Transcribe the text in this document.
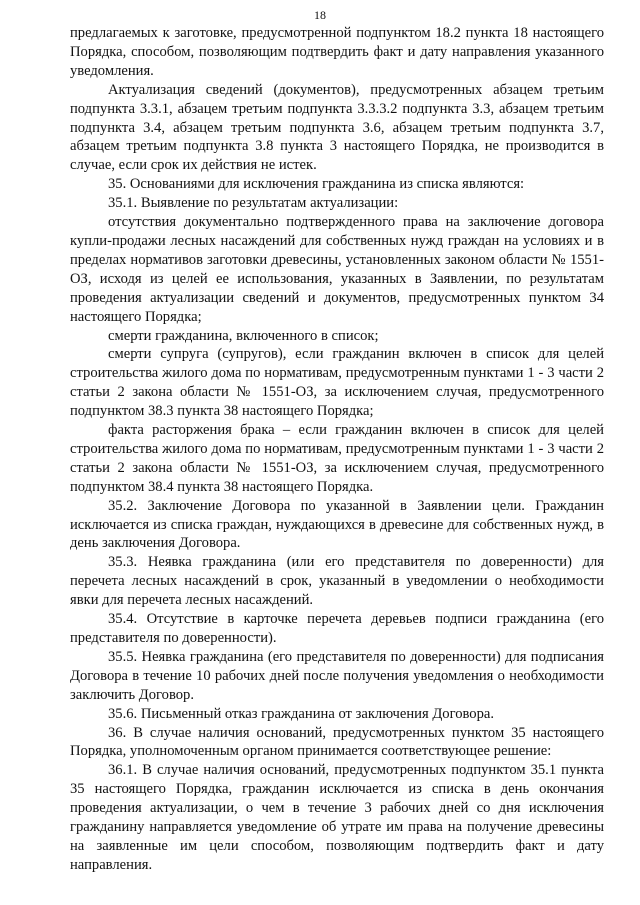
18

предлагаемых к заготовке, предусмотренной подпунктом 18.2 пункта 18 настоящего Порядка, способом, позволяющим подтвердить факт и дату направления указанного уведомления.

Актуализация сведений (документов), предусмотренных абзацем третьим подпункта 3.3.1, абзацем третьим подпункта 3.3.3.2 подпункта 3.3, абзацем третьим подпункта 3.4, абзацем третьим подпункта 3.6, абзацем третьим подпункта 3.7, абзацем третьим подпункта 3.8 пункта 3 настоящего Порядка, не производится в случае, если срок их действия не истек.

35. Основаниями для исключения гражданина из списка являются:

35.1. Выявление по результатам актуализации:

отсутствия документально подтвержденного права на заключение договора купли-продажи лесных насаждений для собственных нужд граждан на условиях и в пределах нормативов заготовки древесины, установленных законом области № 1551-ОЗ, исходя из целей ее использования, указанных в Заявлении, по результатам проведения актуализации сведений и документов, предусмотренных пунктом 34 настоящего Порядка;

смерти гражданина, включенного в список;

смерти супруга (супругов), если гражданин включен в список для целей строительства жилого дома по нормативам, предусмотренным пунктами 1 - 3 части 2 статьи 2 закона области № 1551-ОЗ, за исключением случая, предусмотренного подпунктом 38.3 пункта 38 настоящего Порядка;

факта расторжения брака – если гражданин включен в список для целей строительства жилого дома по нормативам, предусмотренным пунктами 1 - 3 части 2 статьи 2 закона области № 1551-ОЗ, за исключением случая, предусмотренного подпунктом 38.4 пункта 38 настоящего Порядка.

35.2. Заключение Договора по указанной в Заявлении цели. Гражданин исключается из списка граждан, нуждающихся в древесине для собственных нужд, в день заключения Договора.

35.3. Неявка гражданина (или его представителя по доверенности) для перечета лесных насаждений в срок, указанный в уведомлении о необходимости явки для перечета лесных насаждений.

35.4. Отсутствие в карточке перечета деревьев подписи гражданина (его представителя по доверенности).

35.5. Неявка гражданина (его представителя по доверенности) для подписания Договора в течение 10 рабочих дней после получения уведомления о необходимости заключить Договор.

35.6. Письменный отказ гражданина от заключения Договора.

36. В случае наличия оснований, предусмотренных пунктом 35 настоящего Порядка, уполномоченным органом принимается соответствующее решение:

36.1. В случае наличия оснований, предусмотренных подпунктом 35.1 пункта 35 настоящего Порядка, гражданин исключается из списка в день окончания проведения актуализации, о чем в течение 3 рабочих дней со дня исключения гражданину направляется уведомление об утрате им права на получение древесины на заявленные им цели способом, позволяющим подтвердить факт и дату направления.
